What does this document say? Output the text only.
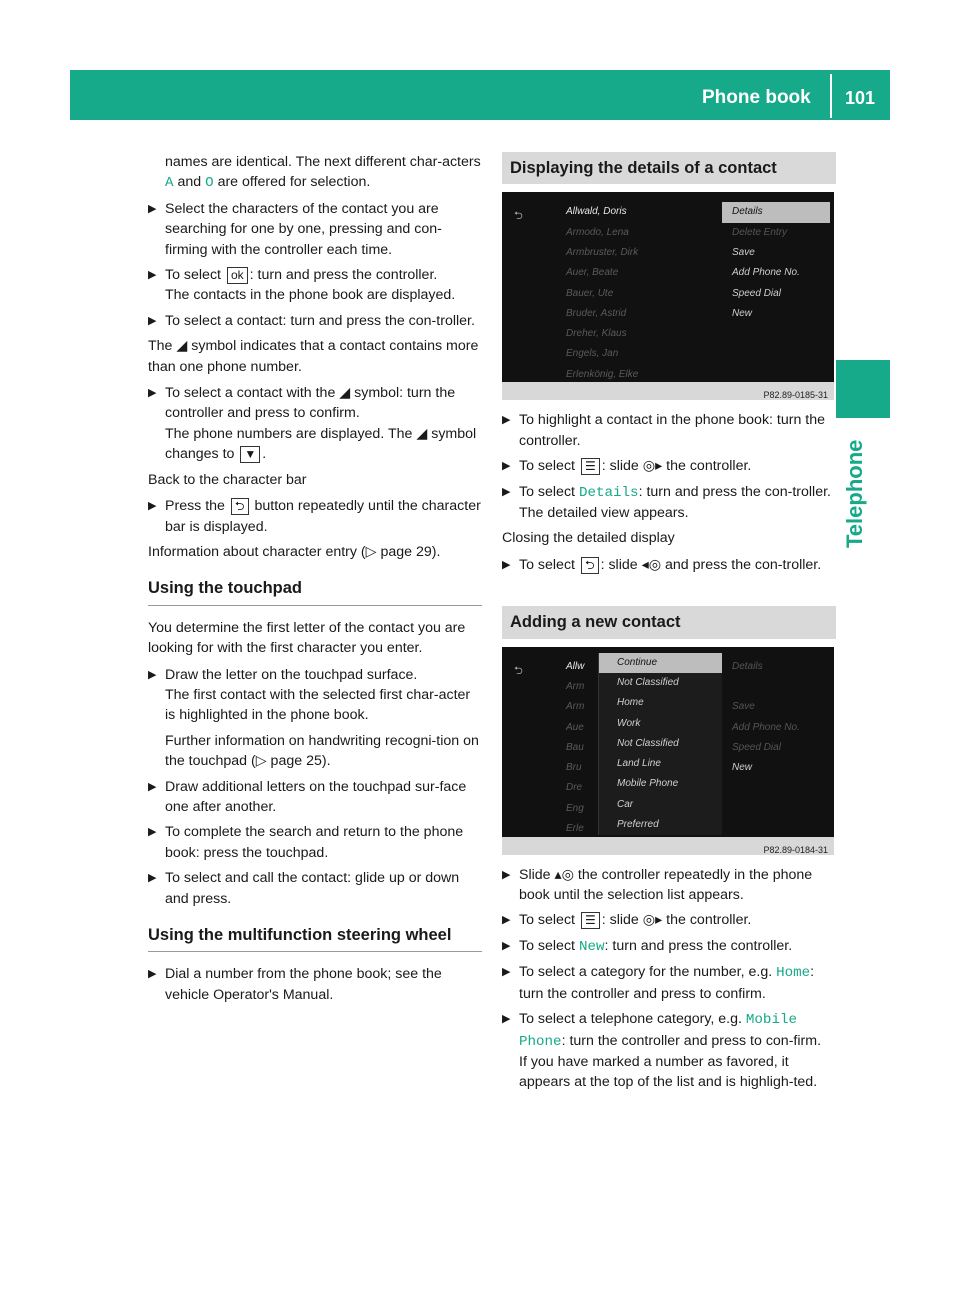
Phone book 101
Telephone

names are identical. The next different char-acters A and O are offered for selection.

▶ Select the characters of the contact you are searching for one by one, pressing and con-firming with the controller each time.
▶ To select ok : turn and press the controller.
The contacts in the phone book are displayed.
▶ To select a contact: turn and press the con-troller.

The ◢ symbol indicates that a contact contains more than one phone number.

▶ To select a contact with the ◢ symbol: turn the controller and press to confirm.
The phone numbers are displayed. The ◢ symbol changes to ▼ .

Back to the character bar

▶ Press the ⮌ button repeatedly until the character bar is displayed.

Information about character entry (▷ page 29).

Using the touchpad

You determine the first letter of the contact you are looking for with the first character you enter.

▶ Draw the letter on the touchpad surface.
The first contact with the selected first char-acter is highlighted in the phone book.
Further information on handwriting recogni-tion on the touchpad (▷ page 25).
▶ Draw additional letters on the touchpad sur-face one after another.
▶ To complete the search and return to the phone book: press the touchpad.
▶ To select and call the contact: glide up or down and press.
Using the multifunction steering wheel
▶ Dial a number from the phone book; see the vehicle Operator's Manual.
Displaying the details of a contact
⮌	Allwald, Doris
Armodo, Lena
Armbruster, Dirk
Auer, Beate
Bauer, Ute
Bruder, Astrid
Dreher, Klaus
Engels, Jan
Erlenkönig, Elke
Details
Delete Entry
Save
Add Phone No.
Speed Dial
New
P82.89-0185-31
▶ To highlight a contact in the phone book: turn the controller.
▶ To select ☰ : slide ◎▸ the controller.
▶ To select Details: turn and press the con-troller.
The detailed view appears.

Closing the detailed display

▶ To select ⮌ : slide ◂◎ and press the con-troller.
Adding a new contact
⮌	Allw
Arm
Arm
Aue
Bau
Bru
Dre
Eng
Erle
Continue
Not Classified
Home
Work
Not Classified
Land Line
Mobile Phone
Car
Preferred
Details
Save
Add Phone No.
Speed Dial
New
P82.89-0184-31
▶ Slide ▴◎ the controller repeatedly in the phone book until the selection list appears.
▶ To select ☰ : slide ◎▸ the controller.
▶ To select New: turn and press the controller.
▶ To select a category for the number, e.g. Home: turn the controller and press to confirm.
▶ To select a telephone category, e.g. Mobile Phone: turn the controller and press to con-firm.
If you have marked a number as favored, it appears at the top of the list and is highligh-ted.
